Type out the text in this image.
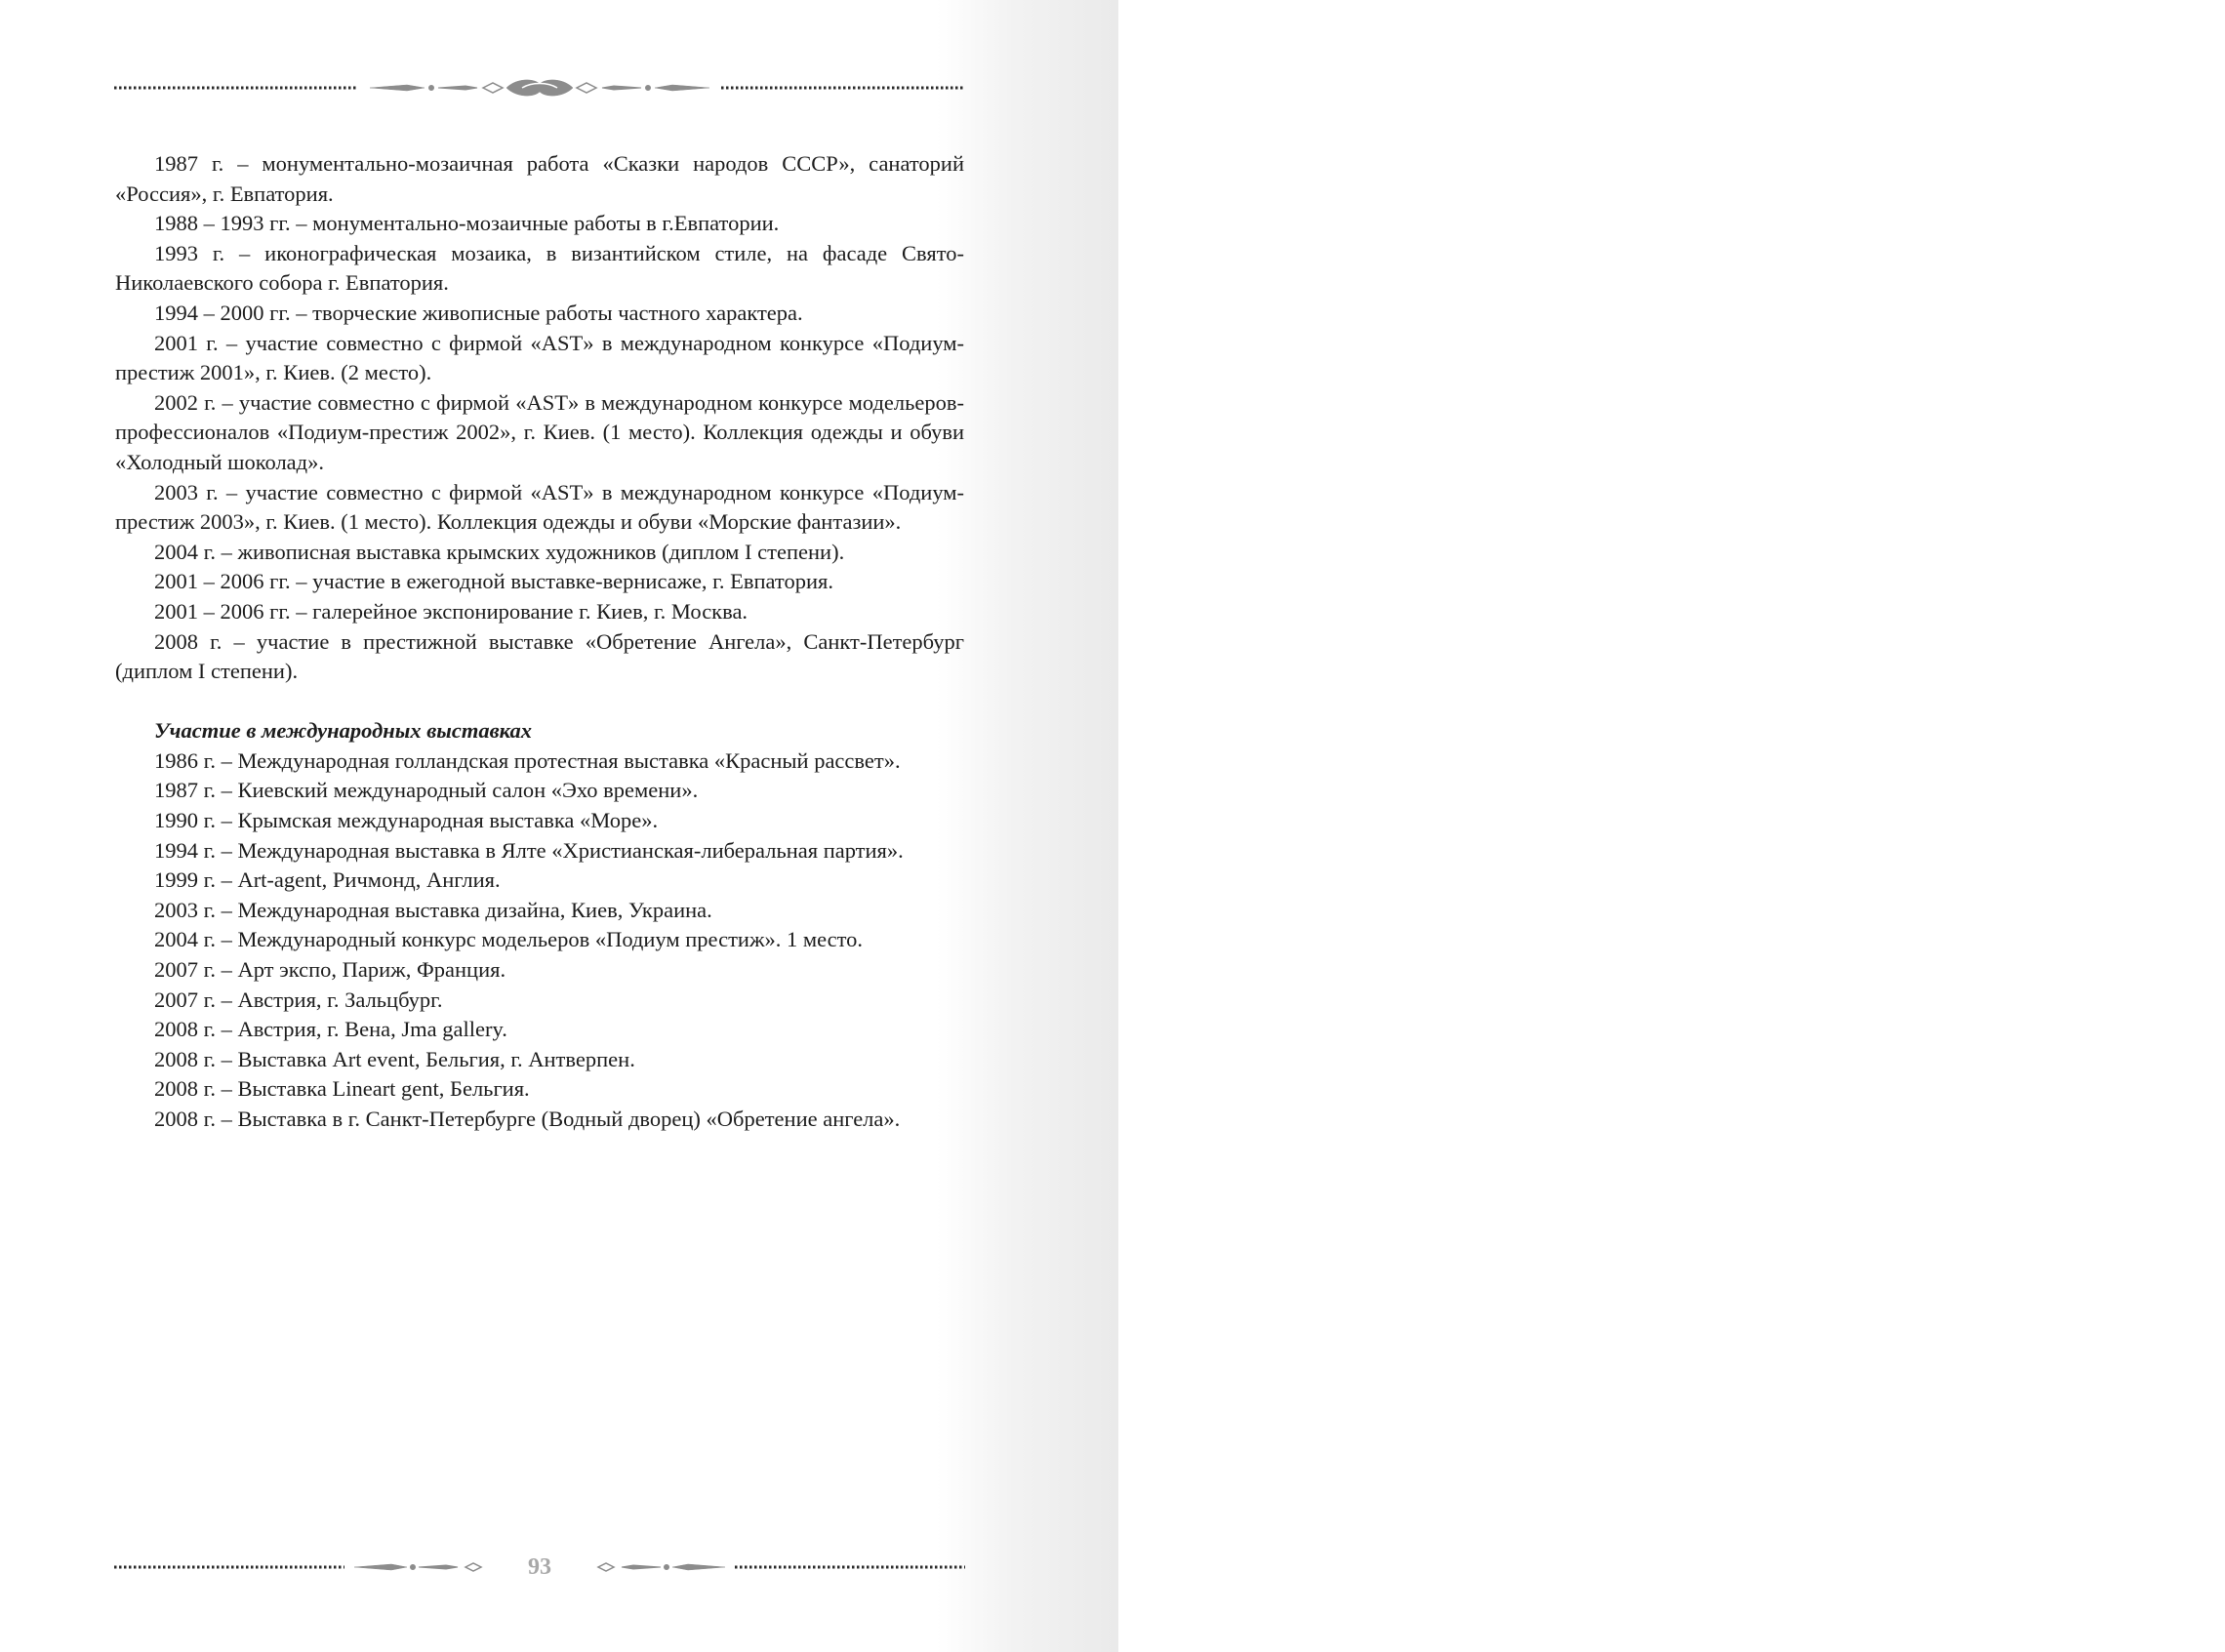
1987 г. – монументально-мозаичная работа «Сказки народов СССР», санаторий «Россия», г. Евпатория.

1988 – 1993 гг. – монументально-мозаичные работы в г.Евпатории.

1993 г. – иконографическая мозаика, в византийском стиле, на фасаде Свято-Николаевского собора г. Евпатория.

1994 – 2000 гг. – творческие живописные работы частного характера.

2001 г. – участие совместно с фирмой «AST» в международном конкурсе «Подиум-престиж 2001», г. Киев. (2 место).

2002 г. – участие совместно с фирмой «AST» в международном конкурсе модельеров-профессионалов «Подиум-престиж 2002», г. Киев. (1 место). Коллекция одежды и обуви «Холодный шоколад».

2003 г. – участие совместно с фирмой «AST» в международном конкурсе «Подиум-престиж 2003», г. Киев. (1 место). Коллекция одежды и обуви «Морские фантазии».

2004 г. – живописная выставка крымских художников (диплом I степени).

2001 – 2006 гг. – участие в ежегодной выставке-вернисаже, г. Евпатория.

2001 – 2006 гг. – галерейное экспонирование г. Киев, г. Москва.

2008 г. – участие в престижной выставке «Обретение Ангела», Санкт-Петербург (диплом I степени).

Участие в международных выставках

1986 г. – Международная голландская протестная выставка «Красный рассвет».

1987 г. – Киевский международный салон «Эхо времени».

1990 г. – Крымская международная выставка «Море».

1994 г. – Международная выставка в Ялте «Христианская-либеральная партия».

1999 г. – Art-agent, Ричмонд, Англия.

2003 г. – Международная выставка дизайна, Киев, Украина.

2004 г. – Международный конкурс модельеров «Подиум престиж». 1 место.

2007 г. – Арт экспо, Париж, Франция.

2007 г. – Австрия, г. Зальцбург.

2008 г. – Австрия, г. Вена, Jma gallery.

2008 г. – Выставка Art event, Бельгия, г. Антверпен.

2008 г. – Выставка Lineart gent, Бельгия.

2008 г. – Выставка в г. Санкт-Петербурге (Водный дворец) «Обретение ангела».

93
